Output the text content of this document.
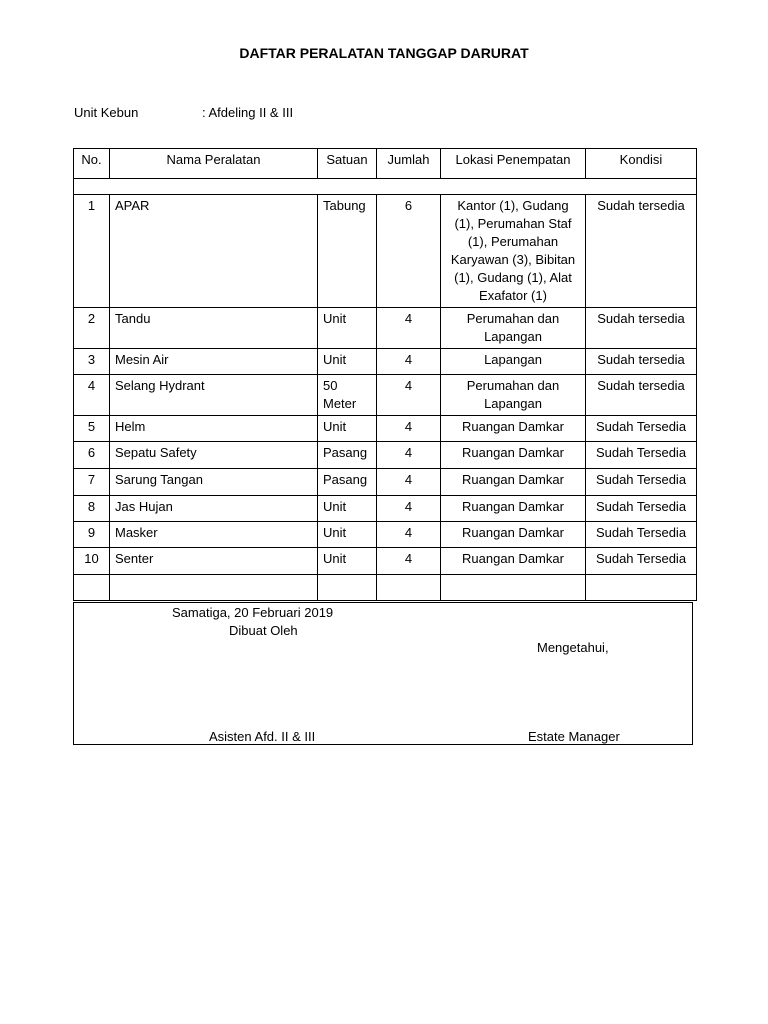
DAFTAR PERALATAN TANGGAP DARURAT
Unit Kebun	: Afdeling II & III
No.	Nama Peralatan	Satuan	Jumlah	Lokasi Penempatan	Kondisi

1	APAR	Tabung	6	Kantor (1), Gudang (1), Perumahan Staf (1), Perumahan Karyawan (3), Bibitan (1), Gudang (1), Alat Exafator (1)	Sudah tersedia
2	Tandu	Unit	4	Perumahan dan Lapangan	Sudah tersedia
3	Mesin Air	Unit	4	Lapangan	Sudah tersedia
4	Selang Hydrant	50 Meter	4	Perumahan dan Lapangan	Sudah tersedia
5	Helm	Unit	4	Ruangan Damkar	Sudah Tersedia
6	Sepatu Safety	Pasang	4	Ruangan Damkar	Sudah Tersedia
7	Sarung Tangan	Pasang	4	Ruangan Damkar	Sudah Tersedia
8	Jas Hujan	Unit	4	Ruangan Damkar	Sudah Tersedia
9	Masker	Unit	4	Ruangan Damkar	Sudah Tersedia
10	Senter	Unit	4	Ruangan Damkar	Sudah Tersedia

Samatiga, 20 Februari 2019
Dibuat Oleh
Mengetahui,
Asisten Afd. II & III	Estate Manager
